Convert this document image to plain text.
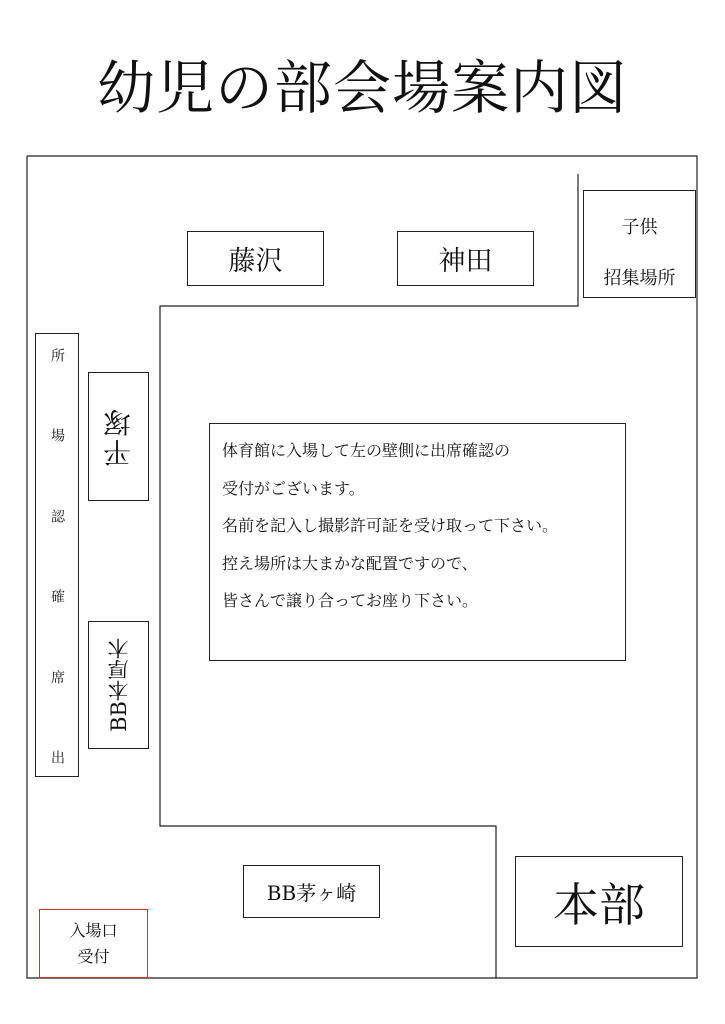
幼児の部会場案内図
藤沢	神田
子供
招集場所
所
場
認
確
席
出
平塚
BB本厚木
体育館に入場して左の壁側に出席確認の
受付がございます。
名前を記入し撮影許可証を受け取って下さい。
控え場所は大まかな配置ですので、
皆さんで譲り合ってお座り下さい。
BB茅ヶ崎	本部
入場口
受付
